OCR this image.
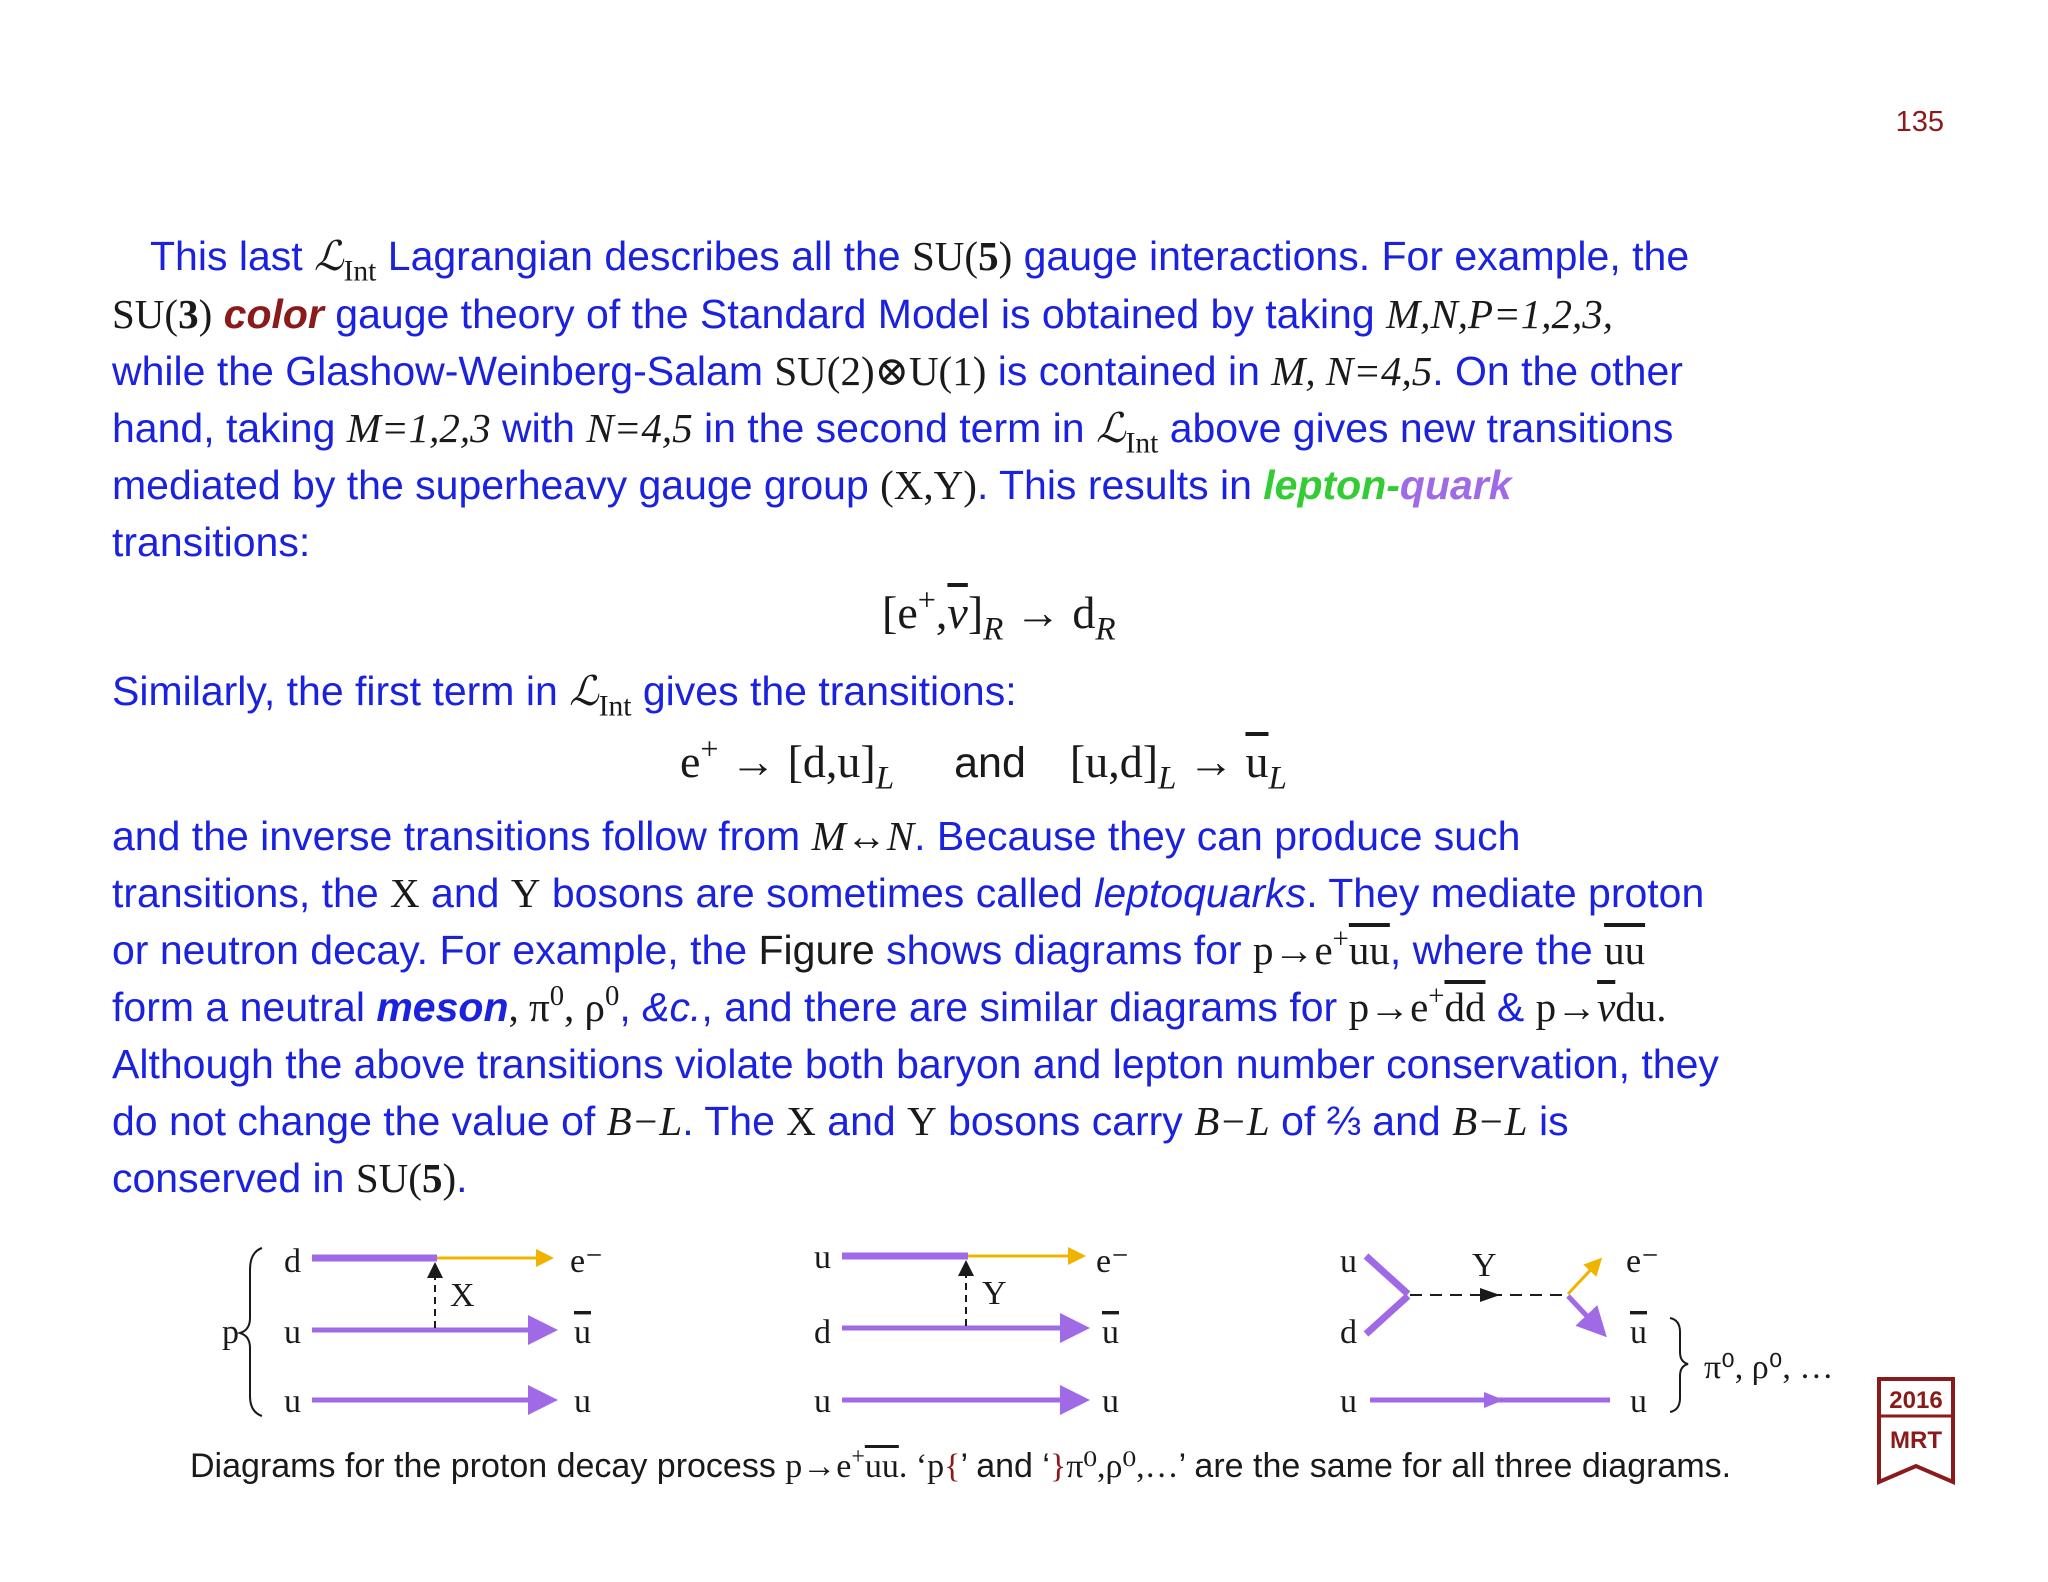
135
This last ℒ$_{Int}$ Lagrangian describes all the SU(5) gauge interactions. For example, the
SU(3) color gauge theory of the Standard Model is obtained by taking M,N,P=1,2,3,
while the Glashow-Weinberg-Salam SU(2)⊗U(1) is contained in M, N=4,5. On the other
hand, taking M=1,2,3 with N=4,5 in the second term in ℒ$_{Int}$ above gives new transitions
mediated by the superheavy gauge group (X,Y). This results in lepton-quark
transitions:
$[e^+,\overline{\nu}]_R \to d_R$
Similarly, the first term in ℒ$_{Int}$ gives the transitions:
$e^+ \to [d,u]_L$ and $[u,d]_L \to \overline{u}_L$
and the inverse transitions follow from M↔N. Because they can produce such
transitions, the X and Y bosons are sometimes called leptoquarks. They mediate proton
or neutron decay. For example, the Figure shows diagrams for $p\to e^+\overline{uu}$, where the $\overline{uu}$
form a neutral meson, $\pi^0$, $\rho^0$, &c., and there are similar diagrams for $p\to e^+\overline{dd}$ & $p\to\overline{\nu}du$.
Although the above transitions violate both baryon and lepton number conservation, they
do not change the value of B−L. The X and Y bosons carry B−L of ⅔ and B−L is
conserved in SU(5).
p
d
u
u
X
e⁻
u
u
u
d
u
Y
e⁻
u
u
u
d
u
Y	e⁻
u
u
π⁰, ρ⁰, …
Diagrams for the proton decay process $p\to e^+\overline{uu}$. ‘p{’ and ‘}π⁰,ρ⁰,…’ are the same for all three diagrams.
2016
MRT
